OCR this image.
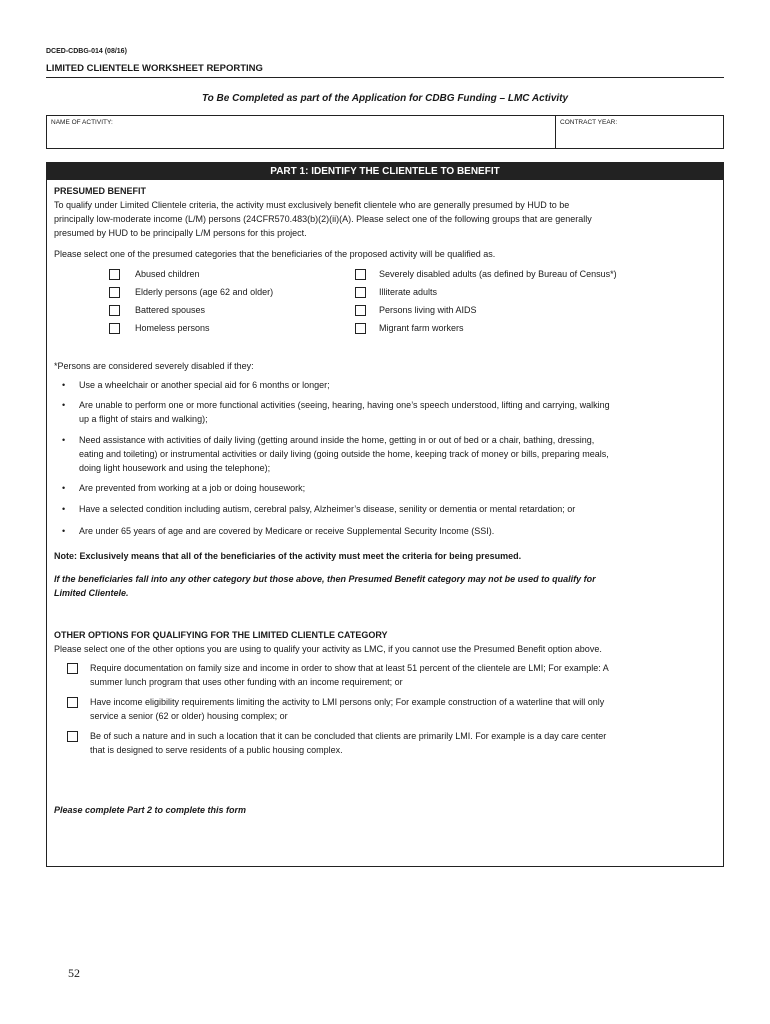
DCED-CDBG-014 (08/16)
LIMITED CLIENTELE WORKSHEET REPORTING
To Be Completed as part of the Application for CDBG Funding – LMC Activity
NAME OF ACTIVITY:	CONTRACT YEAR:
PART 1: IDENTIFY THE CLIENTELE TO BENEFIT
PRESUMED BENEFIT
To qualify under Limited Clientele criteria, the activity must exclusively benefit clientele who are generally presumed by HUD to be
principally low-moderate income (L/M) persons (24CFR570.483(b)(2)(ii)(A). Please select one of the following groups that are generally
presumed by HUD to be principally L/M persons for this project.
Please select one of the presumed categories that the beneficiaries of the proposed activity will be qualified as.
Abused children
Elderly persons (age 62 and older)
Battered spouses
Homeless persons
Severely disabled adults (as defined by Bureau of Census*)
Illiterate adults
Persons living with AIDS
Migrant farm workers
*Persons are considered severely disabled if they:
• Use a wheelchair or another special aid for 6 months or longer;
• Are unable to perform one or more functional activities (seeing, hearing, having one’s speech understood, lifting and carrying, walking
up a flight of stairs and walking);
• Need assistance with activities of daily living (getting around inside the home, getting in or out of bed or a chair, bathing, dressing,
eating and toileting) or instrumental activities or daily living (going outside the home, keeping track of money or bills, preparing meals,
doing light housework and using the telephone);
• Are prevented from working at a job or doing housework;
• Have a selected condition including autism, cerebral palsy, Alzheimer’s disease, senility or dementia or mental retardation; or
• Are under 65 years of age and are covered by Medicare or receive Supplemental Security Income (SSI).
Note: Exclusively means that all of the beneficiaries of the activity must meet the criteria for being presumed.
If the beneficiaries fall into any other category but those above, then Presumed Benefit category may not be used to qualify for
Limited Clientele.
OTHER OPTIONS FOR QUALIFYING FOR THE LIMITED CLIENTLE CATEGORY
Please select one of the other options you are using to qualify your activity as LMC, if you cannot use the Presumed Benefit option above.
Require documentation on family size and income in order to show that at least 51 percent of the clientele are LMI; For example: A
summer lunch program that uses other funding with an income requirement; or
Have income eligibility requirements limiting the activity to LMI persons only; For example construction of a waterline that will only
service a senior (62 or older) housing complex; or
Be of such a nature and in such a location that it can be concluded that clients are primarily LMI. For example is a day care center
that is designed to serve residents of a public housing complex.
Please complete Part 2 to complete this form
52
